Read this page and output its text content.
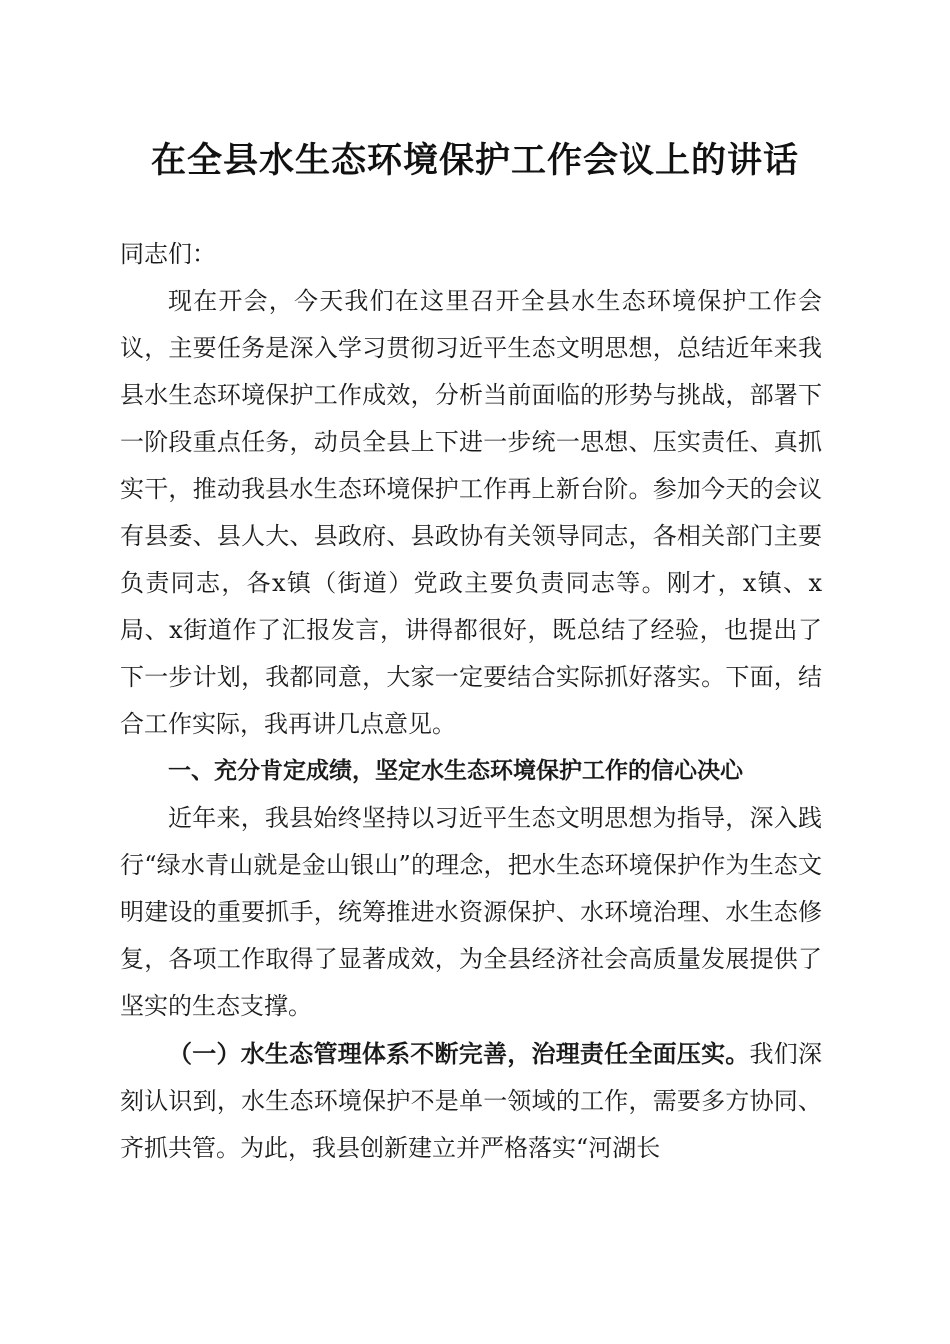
在全县水生态环境保护工作会议上的讲话

同志们：

现在开会，今天我们在这里召开全县水生态环境保护工作会议，主要任务是深入学习贯彻习近平生态文明思想，总结近年来我县水生态环境保护工作成效，分析当前面临的形势与挑战，部署下一阶段重点任务，动员全县上下进一步统一思想、压实责任、真抓实干，推动我县水生态环境保护工作再上新台阶。参加今天的会议有县委、县人大、县政府、县政协有关领导同志，各相关部门主要负责同志，各x镇（街道）党政主要负责同志等。刚才，x镇、x局、x街道作了汇报发言，讲得都很好，既总结了经验，也提出了下一步计划，我都同意，大家一定要结合实际抓好落实。下面，结合工作实际，我再讲几点意见。

一、充分肯定成绩，坚定水生态环境保护工作的信心决心

近年来，我县始终坚持以习近平生态文明思想为指导，深入践行“绿水青山就是金山银山”的理念，把水生态环境保护作为生态文明建设的重要抓手，统筹推进水资源保护、水环境治理、水生态修复，各项工作取得了显著成效，为全县经济社会高质量发展提供了坚实的生态支撑。

（一）水生态管理体系不断完善，治理责任全面压实。我们深刻认识到，水生态环境保护不是单一领域的工作，需要多方协同、齐抓共管。为此，我县创新建立并严格落实“河湖长
